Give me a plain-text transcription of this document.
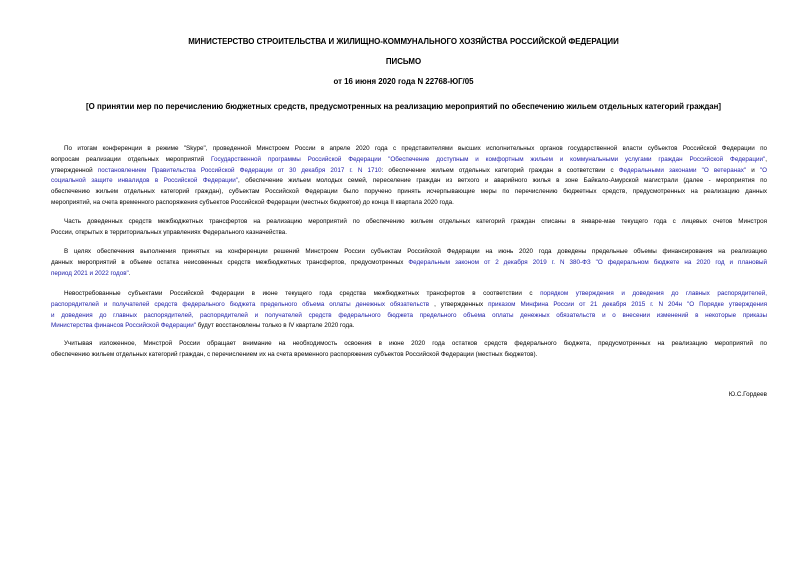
МИНИСТЕРСТВО СТРОИТЕЛЬСТВА И ЖИЛИЩНО-КОММУНАЛЬНОГО ХОЗЯЙСТВА РОССИЙСКОЙ ФЕДЕРАЦИИ
ПИСЬМО
от 16 июня 2020 года N 22768-ЮГ/05
[О принятии мер по перечислению бюджетных средств, предусмотренных на реализацию мероприятий по обеспечению жильем отдельных категорий граждан]
По итогам конференции в режиме "Skype", проведенной Минстроем России в апреле 2020 года с представителями высших исполнительных органов государственной власти субъектов Российской Федерации по
вопросам реализации отдельных мероприятий Государственной программы Российской Федерации "Обеспечение доступным и комфортным жильем и коммунальными услугами граждан Российской Федерации",
утвержденной постановлением Правительства Российской Федерации от 30 декабря 2017 г. N 1710: обеспечение жильем отдельных категорий граждан в соответствии с Федеральными законами "О ветеранах" и "О
социальной защите инвалидов в Российской Федерации", обеспечение жильем молодых семей, переселение граждан из ветхого и аварийного жилья в зоне Байкало-Амурской магистрали (далее - мероприятия по
обеспечению жильем отдельных категорий граждан), субъектам Российской Федерации было поручено принять исчерпывающие меры по перечислению бюджетных средств, предусмотренных на реализацию данных
мероприятий, на счета временного распоряжения субъектов Российской Федерации (местных бюджетов) до конца II квартала 2020 года.
Часть доведенных средств межбюджетных трансфертов на реализацию мероприятий по обеспечению жильем отдельных категорий граждан списаны в январе-мае текущего года с лицевых счетов Минстроя
России, открытых в территориальных управлениях Федерального казначейства.
В целях обеспечения выполнения принятых на конференции решений Минстроем России субъектам Российской Федерации на июнь 2020 года доведены предельные объемы финансирования на реализацию
данных мероприятий в объеме остатка неисовенных средств межбюджетных трансфертов, предусмотренных Федеральным законом от 2 декабря 2019 г. N 380-ФЗ "О федеральном бюджете на 2020 год и плановый
период 2021 и 2022 годов".
Невостребованные субъектами Российской Федерации в июне текущего года средства межбюджетных трансфертов в соответствии с порядком утверждения и доведения до главных распорядителей,
распорядителей и получателей средств федерального бюджета предельного объема оплаты денежных обязательств , утвержденных приказом Минфина России от 21 декабря 2015 г. N 204н "О Порядке утверждения
и доведения до главных распорядителей, распорядителей и получателей средств федерального бюджета предельного объема оплаты денежных обязательств и о внесении изменений в некоторые приказы
Министерства финансов Российской Федерации" будут восстановлены только в IV квартале 2020 года.
Учитывая изложенное, Минстрой России обращает внимание на необходимость освоения в июне 2020 года остатков средств федерального бюджета, предусмотренных на реализацию мероприятий по
обеспечению жильем отдельных категорий граждан, с перечислением их на счета временного распоряжения субъектов Российской Федерации (местных бюджетов).
Ю.С.Гордеев
